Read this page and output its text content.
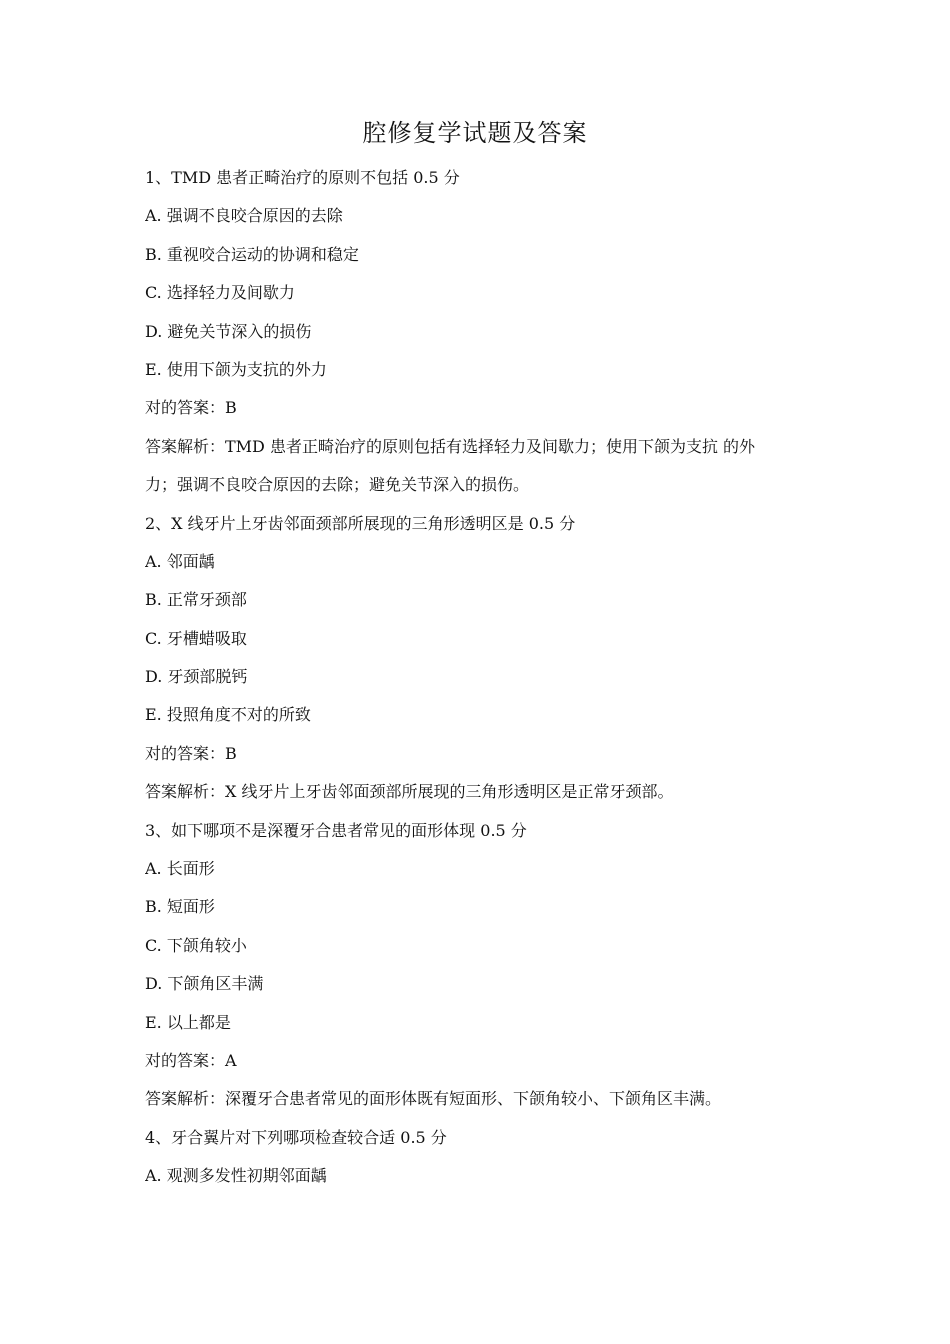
腔修复学试题及答案
1、TMD 患者正畸治疗的原则不包括 0.5 分
A. 强调不良咬合原因的去除
B. 重视咬合运动的协调和稳定
C. 选择轻力及间歇力
D. 避免关节深入的损伤
E. 使用下颌为支抗的外力
对的答案：B
答案解析：TMD 患者正畸治疗的原则包括有选择轻力及间歇力；使用下颌为支抗 的外
力；强调不良咬合原因的去除；避免关节深入的损伤。
2、X 线牙片上牙齿邻面颈部所展现的三角形透明区是 0.5 分
A. 邻面龋
B. 正常牙颈部
C. 牙槽蜡吸取
D. 牙颈部脱钙
E. 投照角度不对的所致
对的答案：B
答案解析：X 线牙片上牙齿邻面颈部所展现的三角形透明区是正常牙颈部。
3、如下哪项不是深覆牙合患者常见的面形体现 0.5 分
A. 长面形
B. 短面形
C. 下颌角较小
D. 下颌角区丰满
E. 以上都是
对的答案：A
答案解析：深覆牙合患者常见的面形体既有短面形、下颌角较小、下颌角区丰满。
4、牙合翼片对下列哪项检查较合适 0.5 分
A. 观测多发性初期邻面龋
